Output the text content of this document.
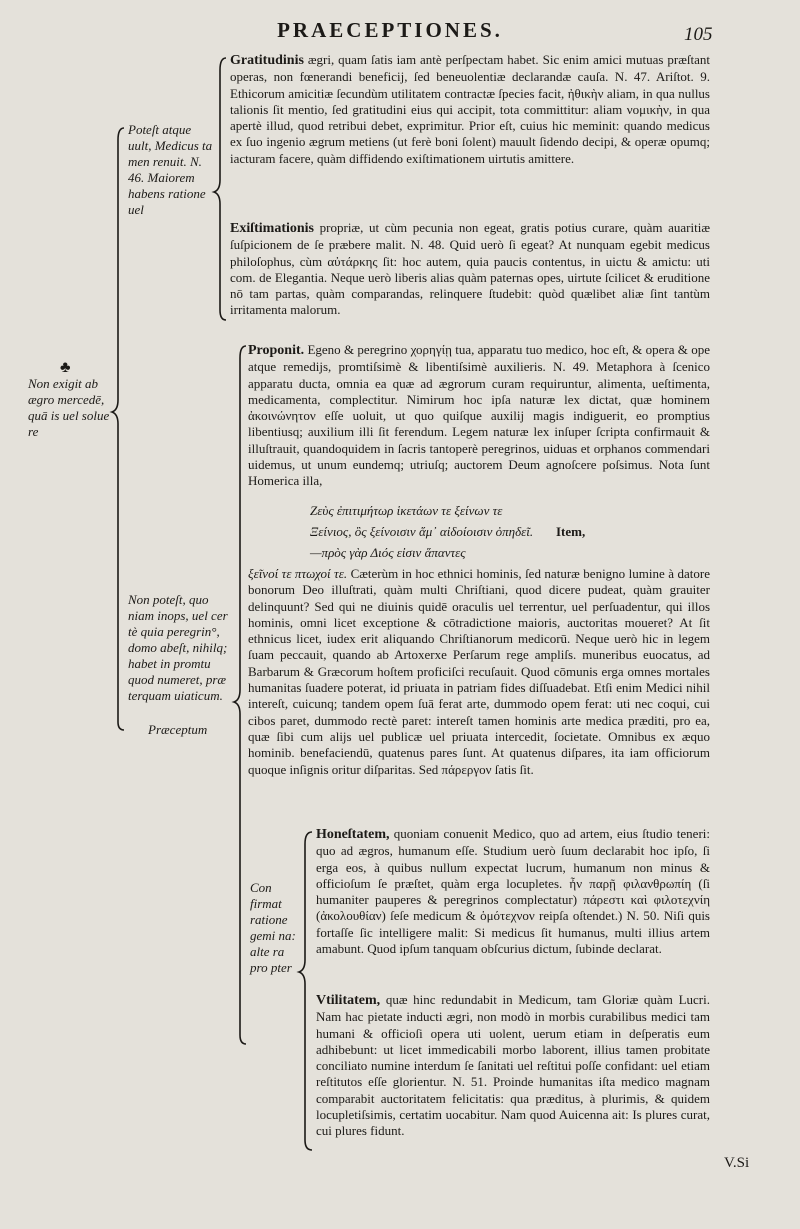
PRAECEPTIONES.	105
♣
Non exigit ab ægro mercedē, quā is uel solue re
Poteſt atque uult, Medicus ta men renuit. N. 46. Maiorem habens ratione uel
Non poteſt, quo niam inops, uel cer tè quia peregrin°, domo abeſt, nihilq; habet in promtu quod numeret, præ terquam uiaticum.
Præceptum
Con firmat ratione gemi na: alte ra pro pter
Gratitudinis ægri, quam ſatis iam antè perſpectam habet. Sic enim amici mutuas præſtant operas, non fœnerandi beneficij, ſed beneuolentiæ declarandæ cauſa. N. 47. Ariſtot. 9. Ethicorum amicitiæ ſecundùm utilitatem contractæ ſpecies facit, ἠθικὴν aliam, in qua nullus talionis ſit mentio, ſed gratitudini eius qui accipit, tota committitur: aliam νομικὴν, in qua apertè illud, quod retribui debet, exprimitur. Prior eſt, cuius hic meminit: quando medicus ex ſuo ingenio ægrum metiens (ut ferè boni ſolent) mauult ſidendo decipi, & operæ opumq; iacturam facere, quàm diffidendo exiſtimationem uirtutis amittere.
Exiſtimationis propriæ, ut cùm pecunia non egeat, gratis potius curare, quàm auaritiæ ſuſpicionem de ſe præbere malit. N. 48. Quid uerò ſi egeat? At nunquam egebit medicus philoſophus, cùm αὐτάρκης ſit: hoc autem, quia paucis contentus, in uictu & amictu: uti com. de Elegantia. Neque uerò liberis alias quàm paternas opes, uirtute ſcilicet & eruditione nō tam partas, quàm comparandas, relinquere ſtudebit: quòd quælibet aliæ ſint tantùm irritamenta malorum.
Proponit. Egeno & peregrino χορηγίῃ tua, apparatu tuo medico, hoc eſt, & opera & ope atque remedijs, promtiſsimè & libentiſsimè auxilieris. N. 49. Metaphora à ſcenico apparatu ducta, omnia ea quæ ad ægrorum curam requiruntur, alimenta, ueſtimenta, medicamenta, complectitur. Nimirum hoc ipſa naturæ lex dictat, quæ hominem ἀκοινώνητον eſſe uoluit, ut quo quiſque auxilij magis indiguerit, eo promptius libentiusq; auxilium illi ſit ferendum. Legem naturæ lex inſuper ſcripta confirmauit & illuſtrauit, quandoquidem in ſacris tantoperè peregrinos, uiduas et orphanos commendari uidemus, ut unum eundemq; utriuſq; auctorem Deum agnoſcere poſsimus. Nota ſunt Homerica illa,
Ζεὺς ἐπιτιμήτωρ ἱκετάων τε ξείνων τε
Ξείνιος, ὃς ξείνοισιν ἅμ᾽ αἰδοίοισιν ὀπηδεῖ.	Item,
—πρὸς γὰρ Διός εἰσιν ἅπαντες
ξεῖνοί τε πτωχοί τε. Cæterùm in hoc ethnici hominis, ſed naturæ benigno lumine à datore bonorum Deo illuſtrati, quàm multi Chriſtiani, quod dicere pudeat, quàm grauiter delinquunt? Sed qui ne diuinis quidē oraculis uel terrentur, uel perſuadentur, qui illos hominis, omni licet exceptione & cōtradictione maioris, auctoritas moueret? At ſit ethnicus licet, iudex erit aliquando Chriſtianorum medicorū. Neque uerò hic in legem ſuam peccauit, quando ab Artoxerxe Perſarum rege ampliſs. muneribus euocatus, ad Barbarum & Græcorum hoſtem proficiſci recuſauit. Quod cōmunis erga omnes mortales humanitas ſuadere poterat, id priuata in patriam fides diſſuadebat. Etſi enim Medici nihil intereſt, cuicunq; tandem opem ſuā ferat arte, dummodo opem ferat: uti nec coqui, cui cibos paret, dummodo rectè paret: intereſt tamen hominis arte medica præditi, pro ea, quæ ſibi cum alijs uel publicæ uel priuata intercedit, ſocietate. Omnibus ex æquo hominib. benefaciendū, quatenus pares ſunt. At quatenus diſpares, ita iam officiorum quoque inſignis oritur diſparitas. Sed πάρεργον ſatis ſit.
Honeſtatem, quoniam conuenit Medico, quo ad artem, eius ſtudio teneri: quo ad ægros, humanum eſſe. Studium uerò ſuum declarabit hoc ipſo, ſi erga eos, à quibus nullum expectat lucrum, humanum non minus & officioſum ſe præſtet, quàm erga locupletes. ἦν παρῇ φιλανθρωπίη (ſi humaniter pauperes & peregrinos complectatur) πάρεστι καὶ φιλοτεχνίη (ἀκολουθίαν) ſeſe medicum & ὁμότεχνον reipſa oſtendet.) N. 50. Niſi quis fortaſſe ſic intelligere malit: Si medicus ſit humanus, multi illius artem amabunt. Quod ipſum tanquam obſcurius dictum, ſubinde declarat.
Vtilitatem, quæ hinc redundabit in Medicum, tam Gloriæ quàm Lucri. Nam hac pietate inducti ægri, non modò in morbis curabilibus medici tam humani & officioſi opera uti uolent, uerum etiam in deſperatis eum adhibebunt: ut licet immedicabili morbo laborent, illius tamen probitate conciliato numine interdum ſe ſanitati uel reſtitui poſſe confidant: uel etiam reſtitutos eſſe glorientur. N. 51. Proinde humanitas iſta medico magnam comparabit auctoritatem felicitatis: qua præditus, à plurimis, & quidem locupletiſsimis, certatim uocabitur. Nam quod Auicenna ait: Is plures curat, cui plures fidunt.
V.Si
